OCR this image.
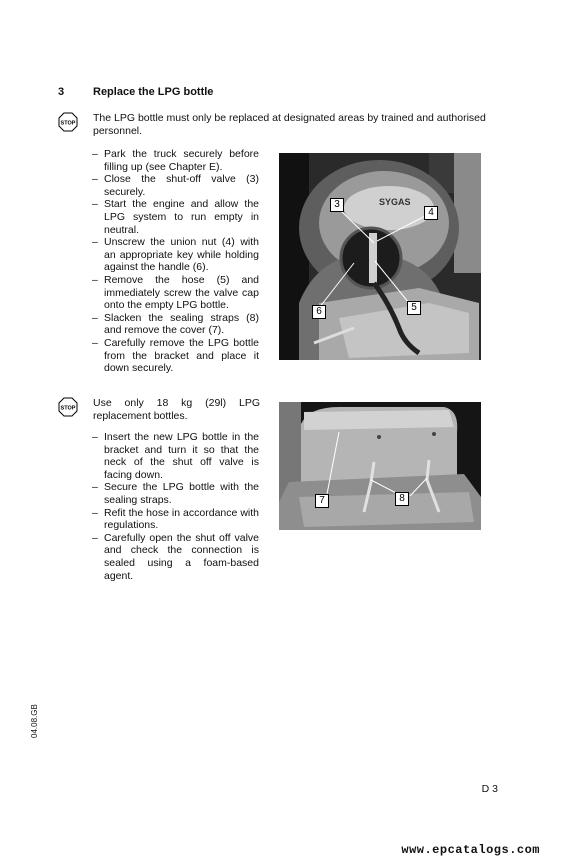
3	Replace the LPG bottle
STOP The LPG bottle must only be replaced at designated areas by trained and authorised personnel.
– Park the truck securely before filling up (see Chapter E).
– Close the shut-off valve (3) securely.
– Start the engine and allow the LPG system to run empty in neutral.
– Unscrew the union nut (4) with an appropriate key while holding against the handle (6).
– Remove the hose (5) and immediately screw the valve cap onto the empty LPG bottle.
– Slacken the sealing straps (8) and remove the cover (7).
– Carefully remove the LPG bottle from the bracket and place it down securely.
SYGAS
3
4
5
6
STOP Use only 18 kg (29l) LPG replacement bottles.
– Insert the new LPG bottle in the bracket and turn it so that the neck of the shut off valve is facing down.
– Secure the LPG bottle with the sealing straps.
– Refit the hose in accordance with regulations.
– Carefully open the shut off valve and check the connection is sealed using a foam-based agent.
7	8
04.08.GB
D 3
www.epcatalogs.com
